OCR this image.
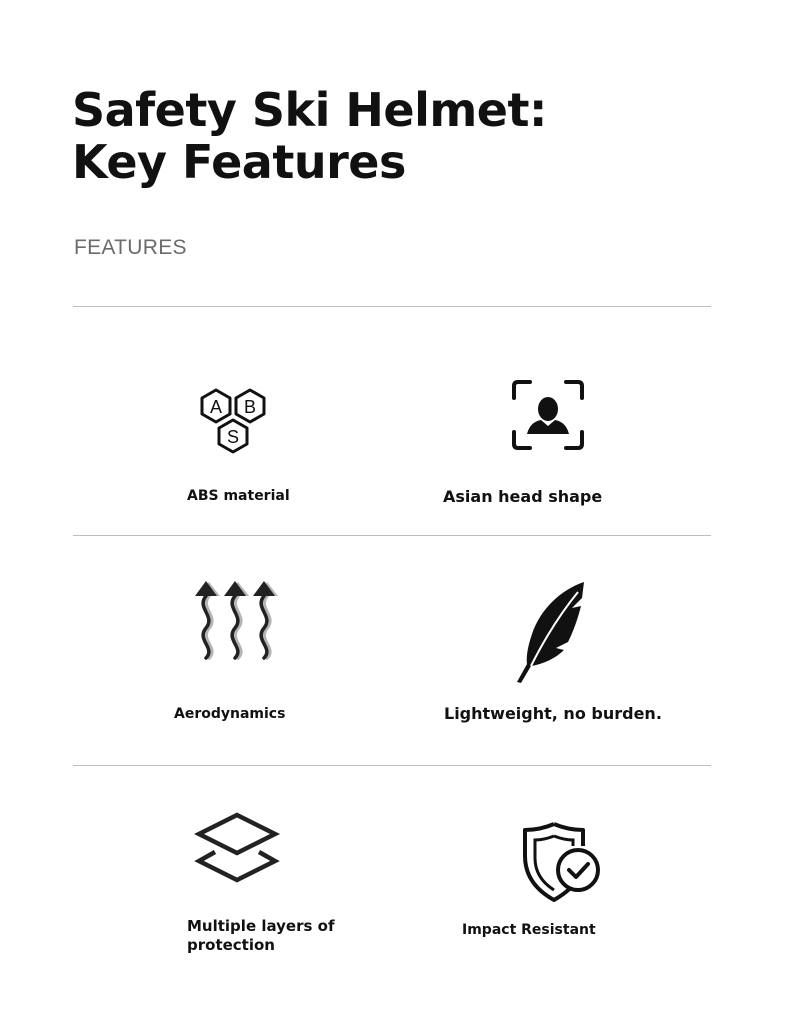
Safety Ski Helmet:
Key Features
FEATURES
A B
S
ABS material	Asian head shape
Aerodynamics	Lightweight, no burden.
Multiple layers of protection
Impact Resistant
